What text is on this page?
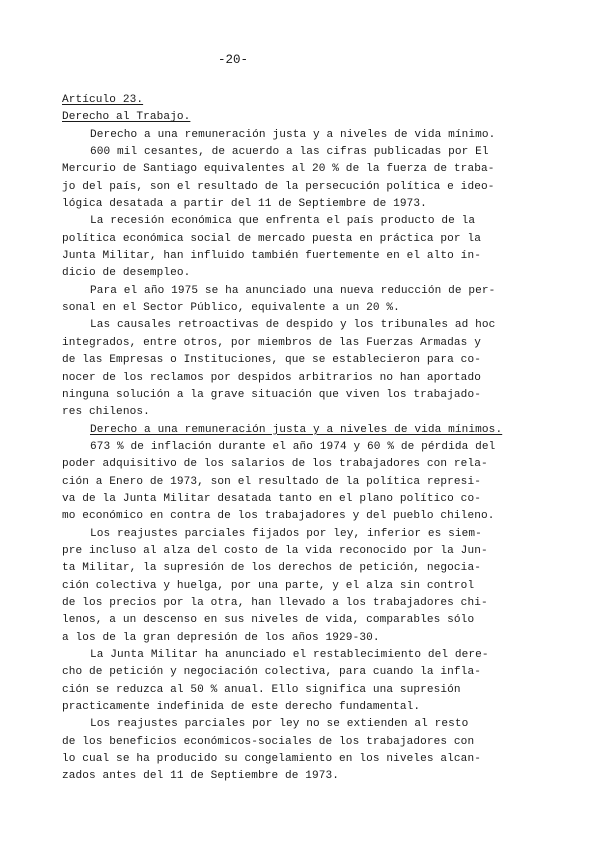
-20-
Artículo 23.
Derecho al Trabajo.
Derecho a una remuneración justa y a niveles de vida mínimo.
600 mil cesantes, de acuerdo a las cifras publicadas por El
Mercurio de Santiago equivalentes al 20 % de la fuerza de traba-
jo del país, son el resultado de la persecución política e ideo-
lógica desatada a partir del 11 de Septiembre de 1973.
La recesión económica que enfrenta el país producto de la
política económica social de mercado puesta en práctica por la
Junta Militar, han influido también fuertemente en el alto ín-
dicio de desempleo.
Para el año 1975 se ha anunciado una nueva reducción de per-
sonal en el Sector Público, equivalente a un 20 %.
Las causales retroactivas de despido y los tribunales ad hoc
integrados, entre otros, por miembros de las Fuerzas Armadas y
de las Empresas o Instituciones, que se establecieron para co-
nocer de los reclamos por despidos arbitrarios no han aportado
ninguna solución a la grave situación que viven los trabajado-
res chilenos.
Derecho a una remuneración justa y a niveles de vida mínimos.
673 % de inflación durante el año 1974 y 60 % de pérdida del
poder adquisitivo de los salarios de los trabajadores con rela-
ción a Enero de 1973, son el resultado de la política represi-
va de la Junta Militar desatada tanto en el plano político co-
mo económico en contra de los trabajadores y del pueblo chileno.
Los reajustes parciales fijados por ley, inferior es siem-
pre incluso al alza del costo de la vida reconocido por la Jun-
ta Militar, la supresión de los derechos de petición, negocia-
ción colectiva y huelga, por una parte, y el alza sin control
de los precios por la otra, han llevado a los trabajadores chi-
lenos, a un descenso en sus niveles de vida, comparables sólo
a los de la gran depresión de los años 1929-30.
La Junta Militar ha anunciado el restablecimiento del dere-
cho de petición y negociación colectiva, para cuando la infla-
ción se reduzca al 50 % anual. Ello significa una supresión
practicamente indefinida de este derecho fundamental.
Los reajustes parciales por ley no se extienden al resto
de los beneficios económicos-sociales de los trabajadores con
lo cual se ha producido su congelamiento en los niveles alcan-
zados antes del 11 de Septiembre de 1973.
